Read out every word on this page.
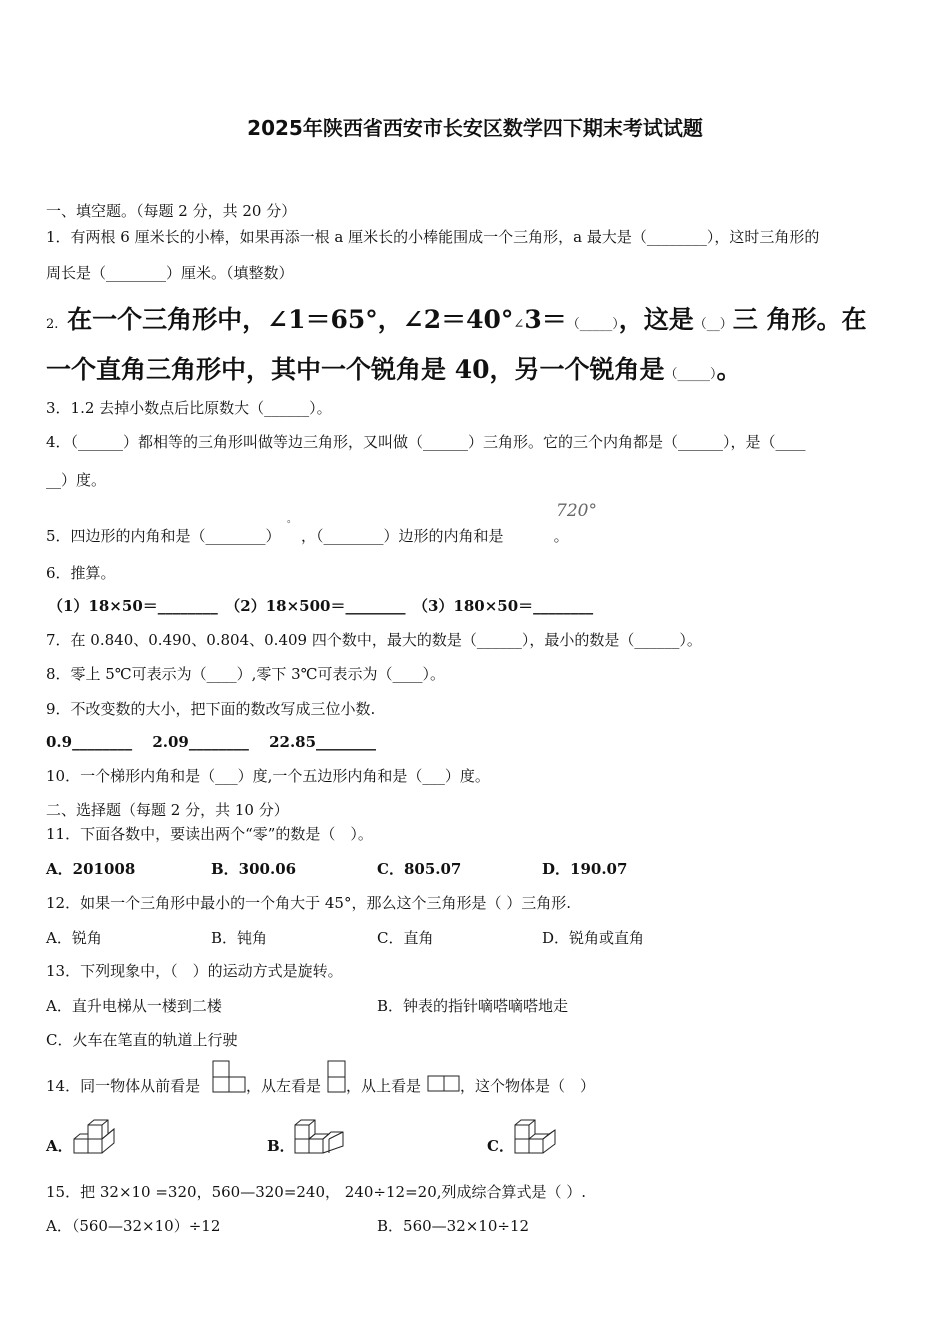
2025年陕西省西安市长安区数学四下期末考试试题
一、填空题。（每题 2 分，共 20 分）
1．有两根 6 厘米长的小棒，如果再添一根 a 厘米长的小棒能围成一个三角形，a 最大是（________），这时三角形的
周长是（________）厘米。（填整数）
2. 在一个三角形中，∠1＝65°，∠2＝40°∠3＝（_____），这是（__）三 角形。在
一个直角三角形中，其中一个锐角是 40，另一个锐角是（_____）。
3．1.2 去掉小数点后比原数大（______）。
4．（______）都相等的三角形叫做等边三角形，又叫做（______）三角形。它的三个内角都是（______），是（____
__）度。
5．四边形的内角和是（________）°，（________）边形的内角和是	。
720°
6．推算。
（1）18×50＝________　（2）18×500＝________　（3）180×50＝________
7．在 0.840、0.490、0.804、0.409 四个数中，最大的数是（______），最小的数是（______）。
8．零上 5℃可表示为（____）,零下 3℃可表示为（____）。
9．不改变数的大小，把下面的数改写成三位小数.
0.9________　 2.09________　 22.85________
10．一个梯形内角和是（___）度,一个五边形内角和是（___）度。
二、选择题（每题 2 分，共 10 分）
11．下面各数中，要读出两个“零”的数是（　）。
A．201008	B．300.06	C．805.07	D．190.07
12．如果一个三角形中最小的一个角大于 45°，那么这个三角形是（ ）三角形.
A．锐角	B．钝角	C．直角	D．锐角或直角
13．下列现象中，（　）的运动方式是旋转。
A．直升电梯从一楼到二楼	B．钟表的指针嘀嗒嘀嗒地走
C．火车在笔直的轨道上行驶
14．同一物体从前看是	，从左看是 ，从上看是	，这个物体是（　）
A．	B．	C．
15．把 32×10 =320，560—320=240， 240÷12=20,列成综合算式是（ ）.
A．（560—32×10）÷12	B．560—32×10÷12
